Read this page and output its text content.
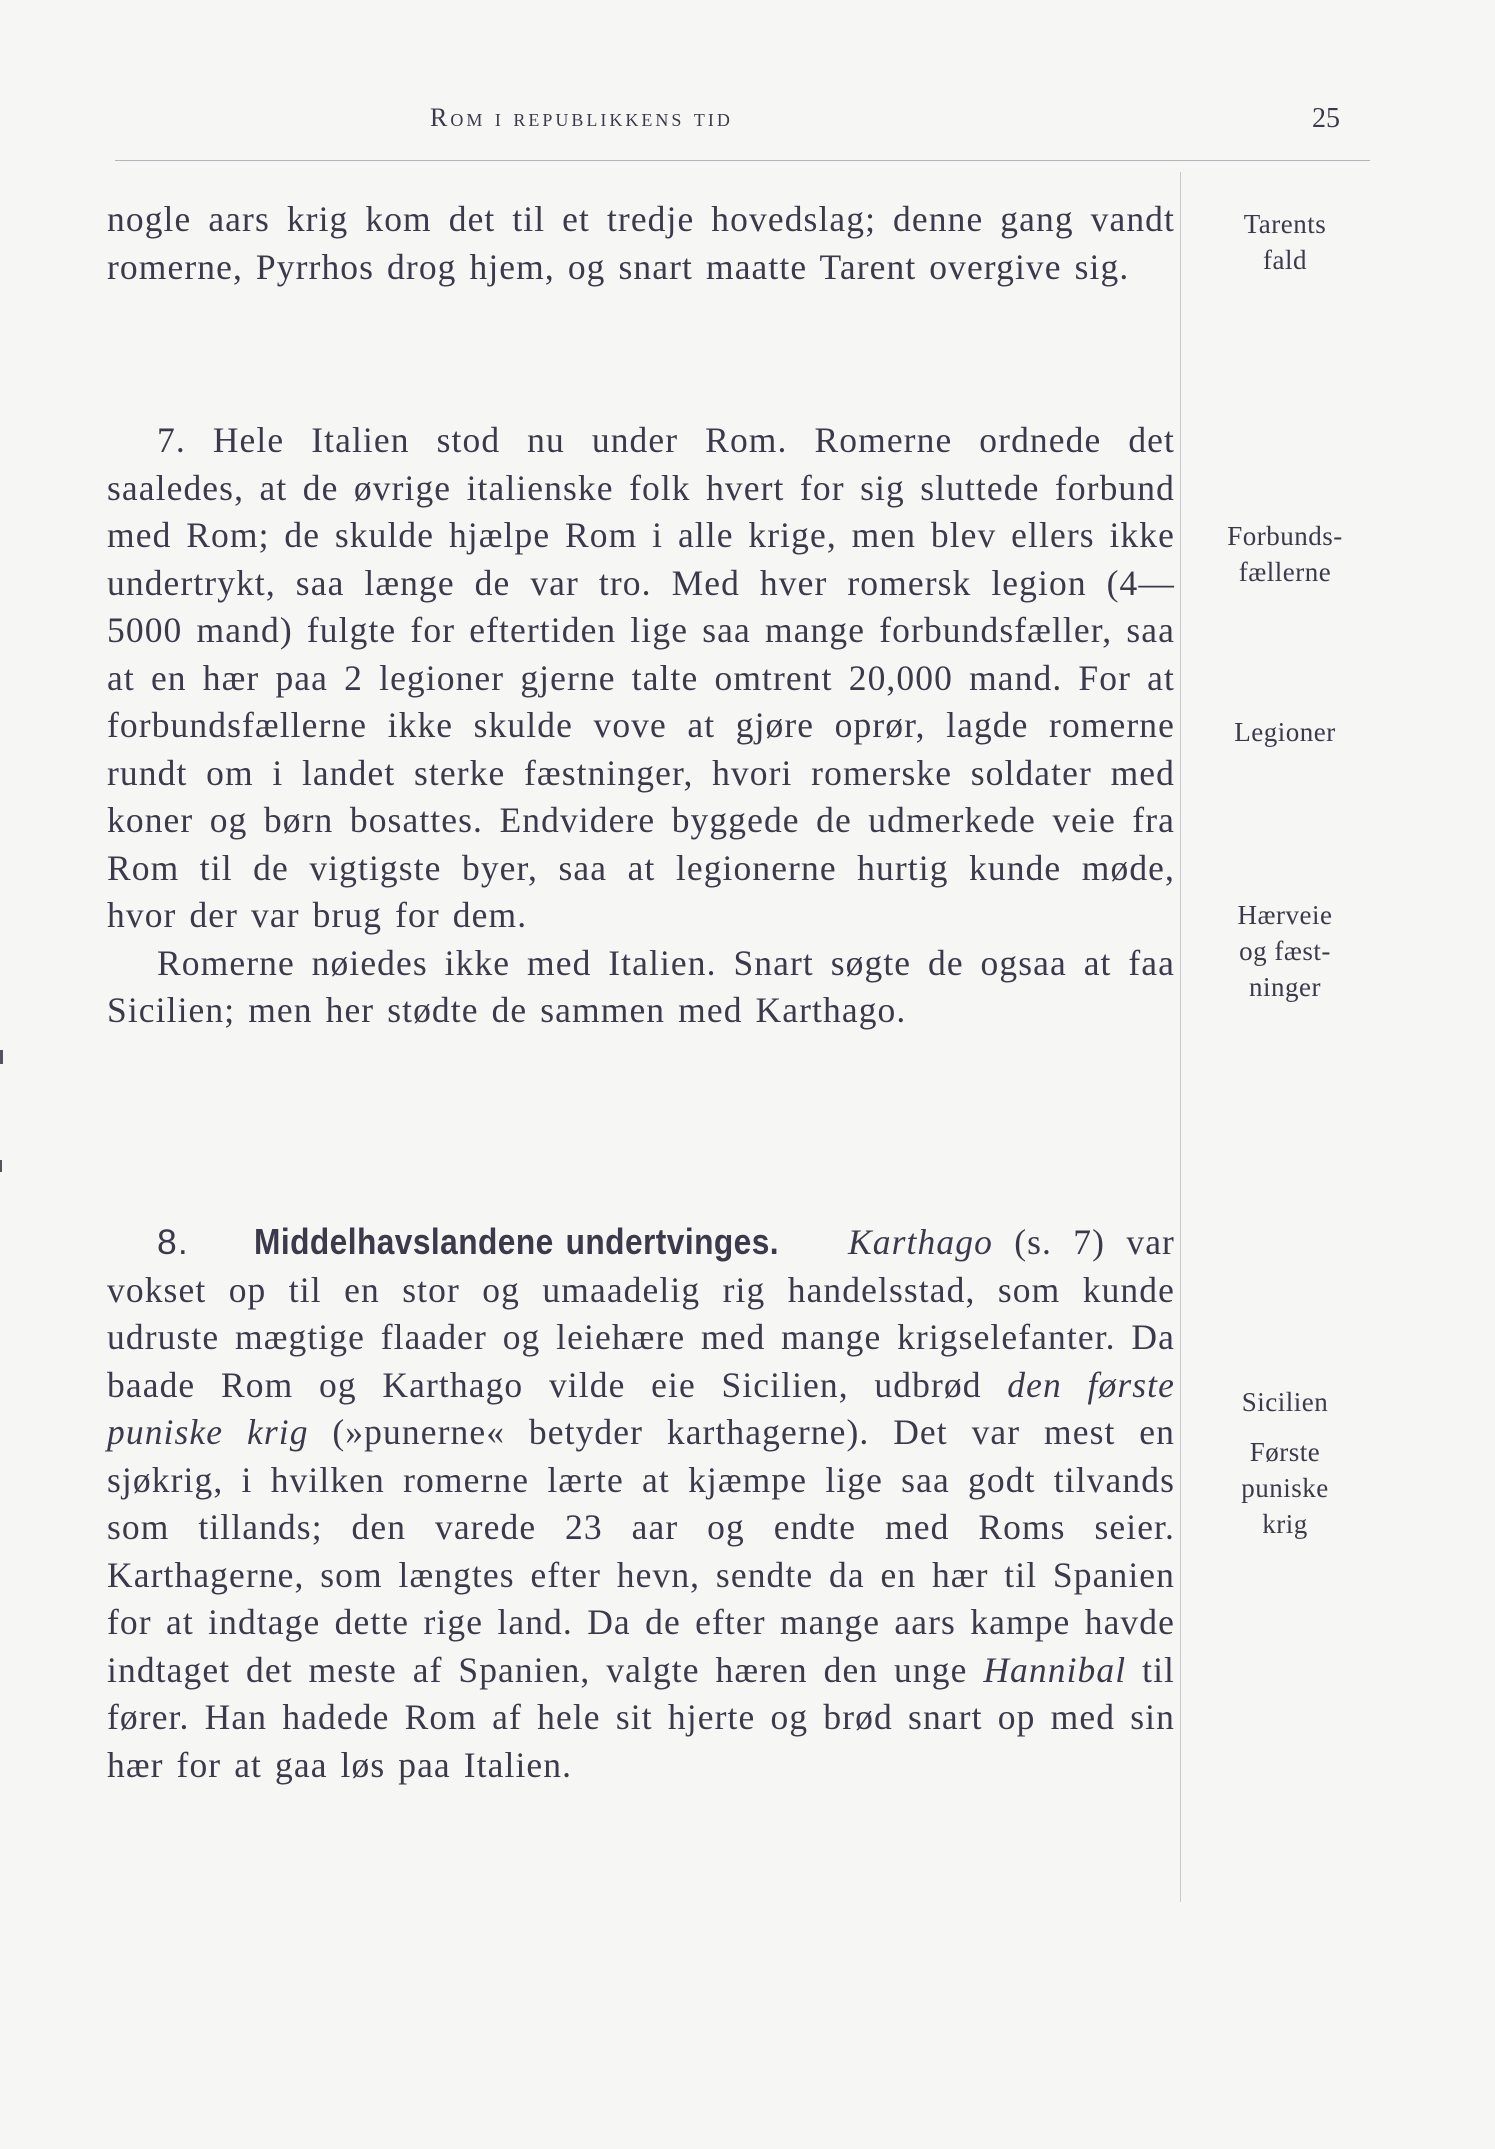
Rom i republikkens tid	25

nogle aars krig kom det til et tredje hovedslag; denne gang vandt romerne, Pyrrhos drog hjem, og snart maatte Tarent overgive sig.

7. Hele Italien stod nu under Rom. Romerne ordnede det saaledes, at de øvrige italienske folk hvert for sig sluttede forbund med Rom; de skulde hjælpe Rom i alle krige, men blev ellers ikke undertrykt, saa længe de var tro. Med hver romersk legion (4—5000 mand) fulgte for eftertiden lige saa mange forbundsfæller, saa at en hær paa 2 legioner gjerne talte omtrent 20,000 mand. For at forbundsfællerne ikke skulde vove at gjøre oprør, lagde romerne rundt om i landet sterke fæstninger, hvori romerske soldater med koner og børn bosattes. Endvidere byggede de udmerkede veie fra Rom til de vigtigste byer, saa at legionerne hurtig kunde møde, hvor der var brug for dem.

Romerne nøiedes ikke med Italien. Snart søgte de ogsaa at faa Sicilien; men her stødte de sammen med Karthago.

8. Middelhavslandene undertvinges. Karthago (s. 7) var vokset op til en stor og umaadelig rig handelsstad, som kunde udruste mægtige flaader og leiehære med mange krigselefanter. Da baade Rom og Karthago vilde eie Sicilien, udbrød den første puniske krig (»punerne« betyder karthagerne). Det var mest en sjøkrig, i hvilken romerne lærte at kjæmpe lige saa godt tilvands som tillands; den varede 23 aar og endte med Roms seier. Karthagerne, som længtes efter hevn, sendte da en hær til Spanien for at indtage dette rige land. Da de efter mange aars kampe havde indtaget det meste af Spanien, valgte hæren den unge Hannibal til fører. Han hadede Rom af hele sit hjerte og brød snart op med sin hær for at gaa løs paa Italien.

Tarents
fald
Forbunds-
fællerne
Legioner
Hærveie
og fæst-
ninger
Sicilien
Første
puniske
krig
